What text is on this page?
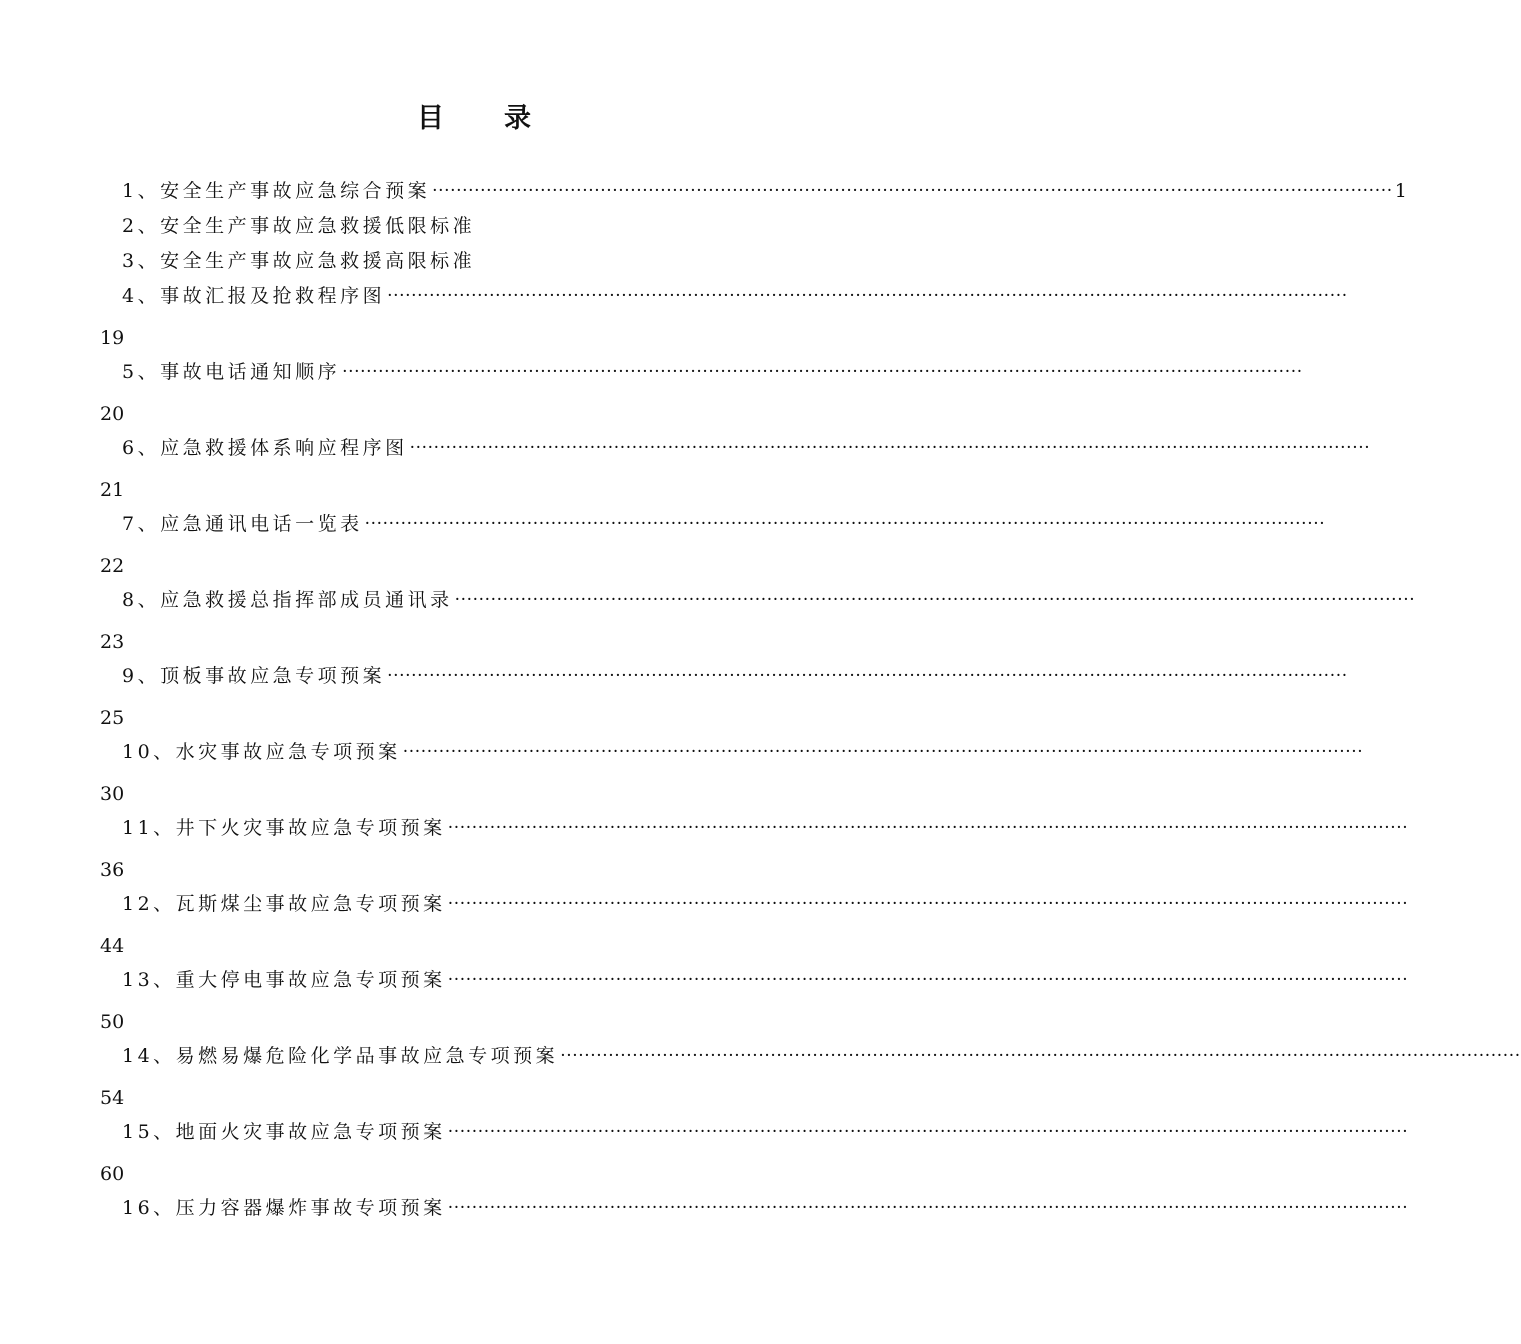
目 录
1、安全生产事故应急综合预案 ································································································································································ 1
2、安全生产事故应急救援低限标准
3、安全生产事故应急救援高限标准
4、事故汇报及抢救程序图 ································································································································································
19
5、事故电话通知顺序 ································································································································································
20
6、应急救援体系响应程序图 ································································································································································
21
7、应急通讯电话一览表 ································································································································································
22
8、应急救援总指挥部成员通讯录 ································································································································································
23
9、顶板事故应急专项预案 ································································································································································
25
10、水灾事故应急专项预案 ································································································································································
30
11、井下火灾事故应急专项预案 ································································································································································
36
12、瓦斯煤尘事故应急专项预案 ································································································································································
44
13、重大停电事故应急专项预案 ································································································································································
50
14、易燃易爆危险化学品事故应急专项预案 ································································································································································
54
15、地面火灾事故应急专项预案 ································································································································································
60
16、压力容器爆炸事故专项预案 ································································································································································
